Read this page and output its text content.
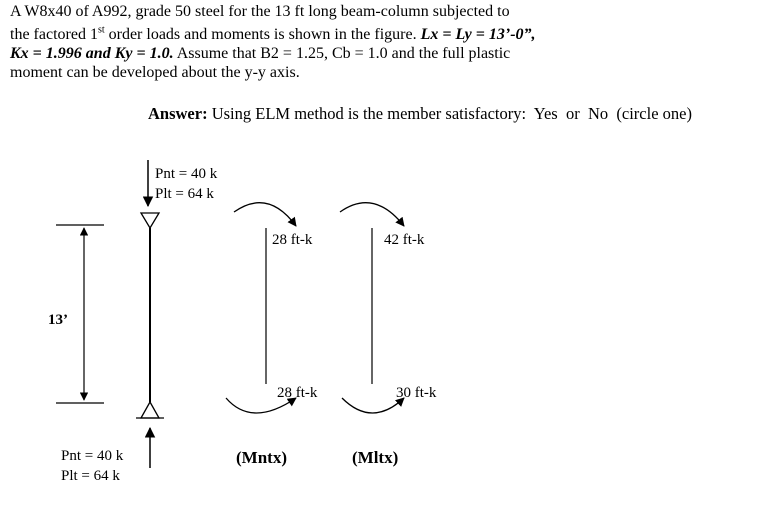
A W8x40 of A992, grade 50 steel for the 13 ft long beam-column subjected to
the factored 1st order loads and moments is shown in the figure. Lx = Ly = 13’-0”,
Kx = 1.996 and Ky = 1.0. Assume that B2 = 1.25, Cb = 1.0 and the full plastic
moment can be developed about the y-y axis.

Answer: Using ELM method is the member satisfactory: Yes or No (circle one)
Pnt = 40 k
Plt = 64 k
Pnt = 40 k
Plt = 64 k
13’
28 ft-k
28 ft-k
42 ft-k
30 ft-k
(Mntx)	(Mltx)
